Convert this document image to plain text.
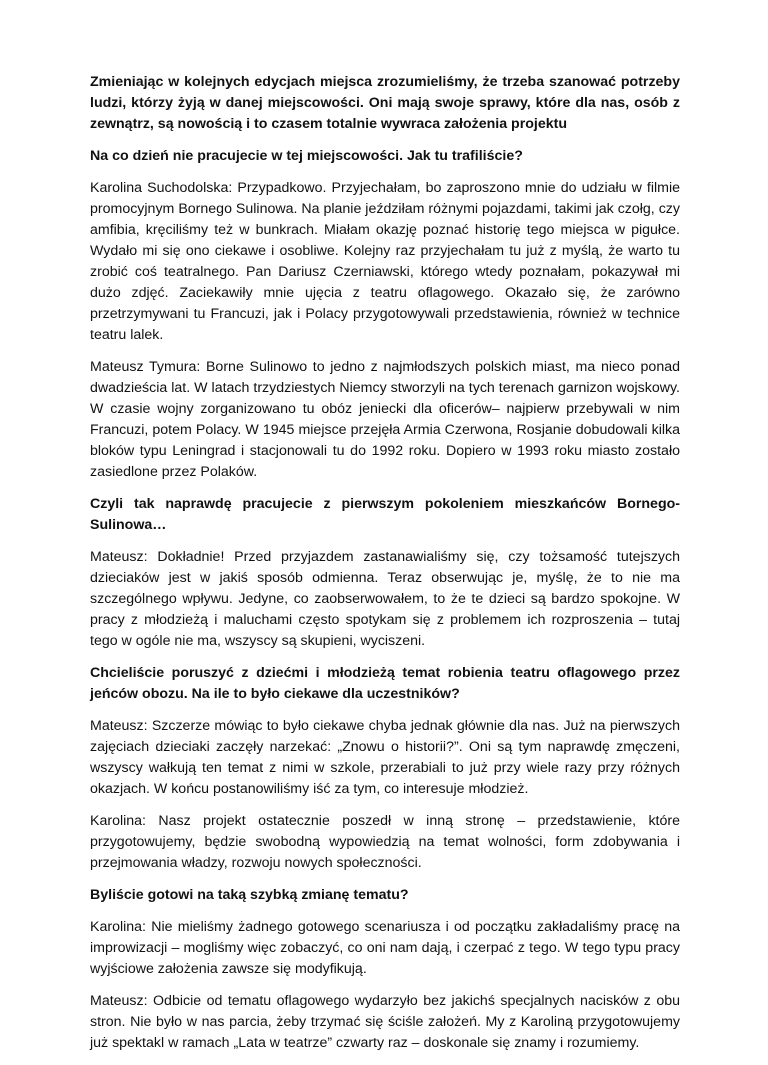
Zmieniając w kolejnych edycjach miejsca zrozumieliśmy, że trzeba szanować potrzeby ludzi, którzy żyją w danej miejscowości. Oni mają swoje sprawy, które dla nas, osób z zewnątrz, są nowością i to czasem totalnie wywraca założenia projektu

Na co dzień nie pracujecie w tej miejscowości. Jak tu trafiliście?

Karolina Suchodolska: Przypadkowo. Przyjechałam, bo zaproszono mnie do udziału w filmie promocyjnym Bornego Sulinowa. Na planie jeździłam różnymi pojazdami, takimi jak czołg, czy amfibia, kręciliśmy też w bunkrach. Miałam okazję poznać historię tego miejsca w pigułce. Wydało mi się ono ciekawe i osobliwe. Kolejny raz przyjechałam tu już z myślą, że warto tu zrobić coś teatralnego. Pan Dariusz Czerniawski, którego wtedy poznałam, pokazywał mi dużo zdjęć. Zaciekawiły mnie ujęcia z teatru oflagowego. Okazało się, że zarówno przetrzymywani tu Francuzi, jak i Polacy przygotowywali przedstawienia, również w technice teatru lalek.

Mateusz Tymura: Borne Sulinowo to jedno z najmłodszych polskich miast, ma nieco ponad dwadzieścia lat. W latach trzydziestych Niemcy stworzyli na tych terenach garnizon wojskowy. W czasie wojny zorganizowano tu obóz jeniecki dla oficerów– najpierw przebywali w nim Francuzi, potem Polacy. W 1945 miejsce przejęła Armia Czerwona, Rosjanie dobudowali kilka bloków typu Leningrad i stacjonowali tu do 1992 roku. Dopiero w 1993 roku miasto zostało zasiedlone przez Polaków.

Czyli tak naprawdę pracujecie z pierwszym pokoleniem mieszkańców Bornego-Sulinowa…

Mateusz: Dokładnie! Przed przyjazdem zastanawialiśmy się, czy tożsamość tutejszych dzieciaków jest w jakiś sposób odmienna. Teraz obserwując je, myślę, że to nie ma szczególnego wpływu. Jedyne, co zaobserwowałem, to że te dzieci są bardzo spokojne. W pracy z młodzieżą i maluchami często spotykam się z problemem ich rozproszenia – tutaj tego w ogóle nie ma, wszyscy są skupieni, wyciszeni.

Chcieliście poruszyć z dziećmi i młodzieżą temat robienia teatru oflagowego przez jeńców obozu. Na ile to było ciekawe dla uczestników?

Mateusz: Szczerze mówiąc to było ciekawe chyba jednak głównie dla nas. Już na pierwszych zajęciach dzieciaki zaczęły narzekać: „Znowu o historii?”. Oni są tym naprawdę zmęczeni, wszyscy wałkują ten temat z nimi w szkole, przerabiali to już przy wiele razy przy różnych okazjach. W końcu postanowiliśmy iść za tym, co interesuje młodzież.

Karolina: Nasz projekt ostatecznie poszedł w inną stronę – przedstawienie, które przygotowujemy, będzie swobodną wypowiedzią na temat wolności, form zdobywania i przejmowania władzy, rozwoju nowych społeczności.

Byliście gotowi na taką szybką zmianę tematu?

Karolina: Nie mieliśmy żadnego gotowego scenariusza i od początku zakładaliśmy pracę na improwizacji – mogliśmy więc zobaczyć, co oni nam dają, i czerpać z tego. W tego typu pracy wyjściowe założenia zawsze się modyfikują.

Mateusz: Odbicie od tematu oflagowego wydarzyło bez jakichś specjalnych nacisków z obu stron. Nie było w nas parcia, żeby trzymać się ściśle założeń. My z Karoliną przygotowujemy już spektakl w ramach „Lata w teatrze” czwarty raz – doskonale się znamy i rozumiemy.
